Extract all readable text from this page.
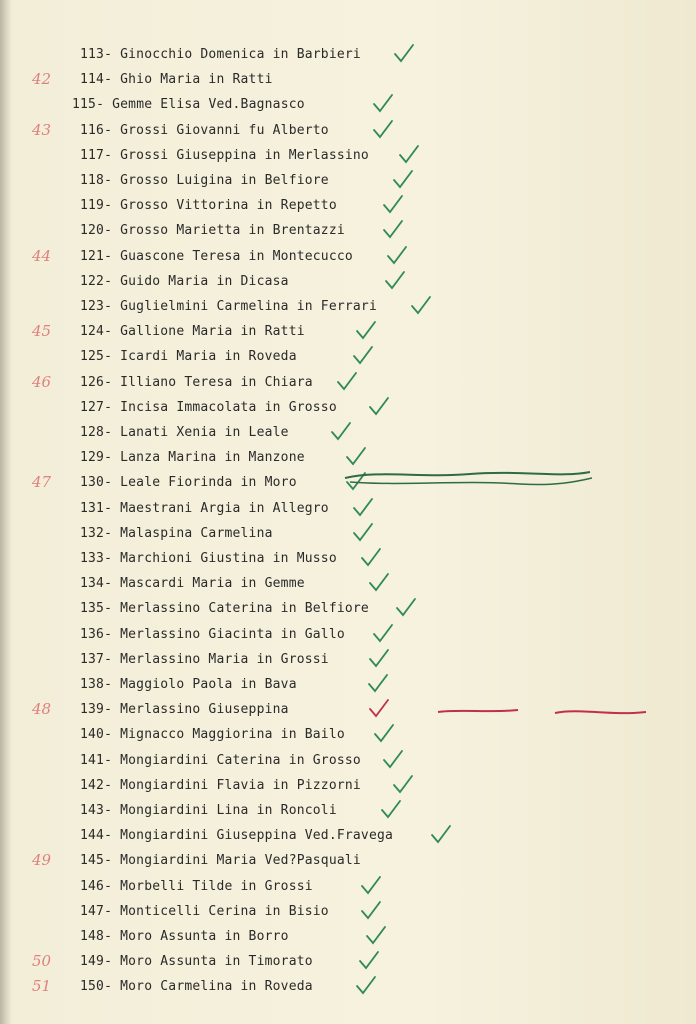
113- Ginocchio Domenica in Barbieri
42 114- Ghio Maria in Ratti
115- Gemme Elisa Ved.Bagnasco
43 116- Grossi Giovanni fu Alberto
117- Grossi Giuseppina in Merlassino
118- Grosso Luigina in Belfiore
119- Grosso Vittorina in Repetto
120- Grosso Marietta in Brentazzi
44 121- Guascone Teresa in Montecucco
122- Guido Maria in Dicasa
123- Guglielmini Carmelina in Ferrari
45 124- Gallione Maria in Ratti
125- Icardi Maria in Roveda
46 126- Illiano Teresa in Chiara
127- Incisa Immacolata in Grosso
128- Lanati Xenia in Leale
129- Lanza Marina in Manzone
47 130- Leale Fiorinda in Moro
131- Maestrani Argia in Allegro
132- Malaspina Carmelina
133- Marchioni Giustina in Musso
134- Mascardi Maria in Gemme
135- Merlassino Caterina in Belfiore
136- Merlassino Giacinta in Gallo
137- Merlassino Maria in Grossi
138- Maggiolo Paola in Bava
48 139- Merlassino Giuseppina
140- Mignacco Maggiorina in Bailo
141- Mongiardini Caterina in Grosso
142- Mongiardini Flavia in Pizzorni
143- Mongiardini Lina in Roncoli
144- Mongiardini Giuseppina Ved.Fravega
49 145- Mongiardini Maria Ved?Pasquali
146- Morbelli Tilde in Grossi
147- Monticelli Cerina in Bisio
148- Moro Assunta in Borro
50 149- Moro Assunta in Timorato
51 150- Moro Carmelina in Roveda
